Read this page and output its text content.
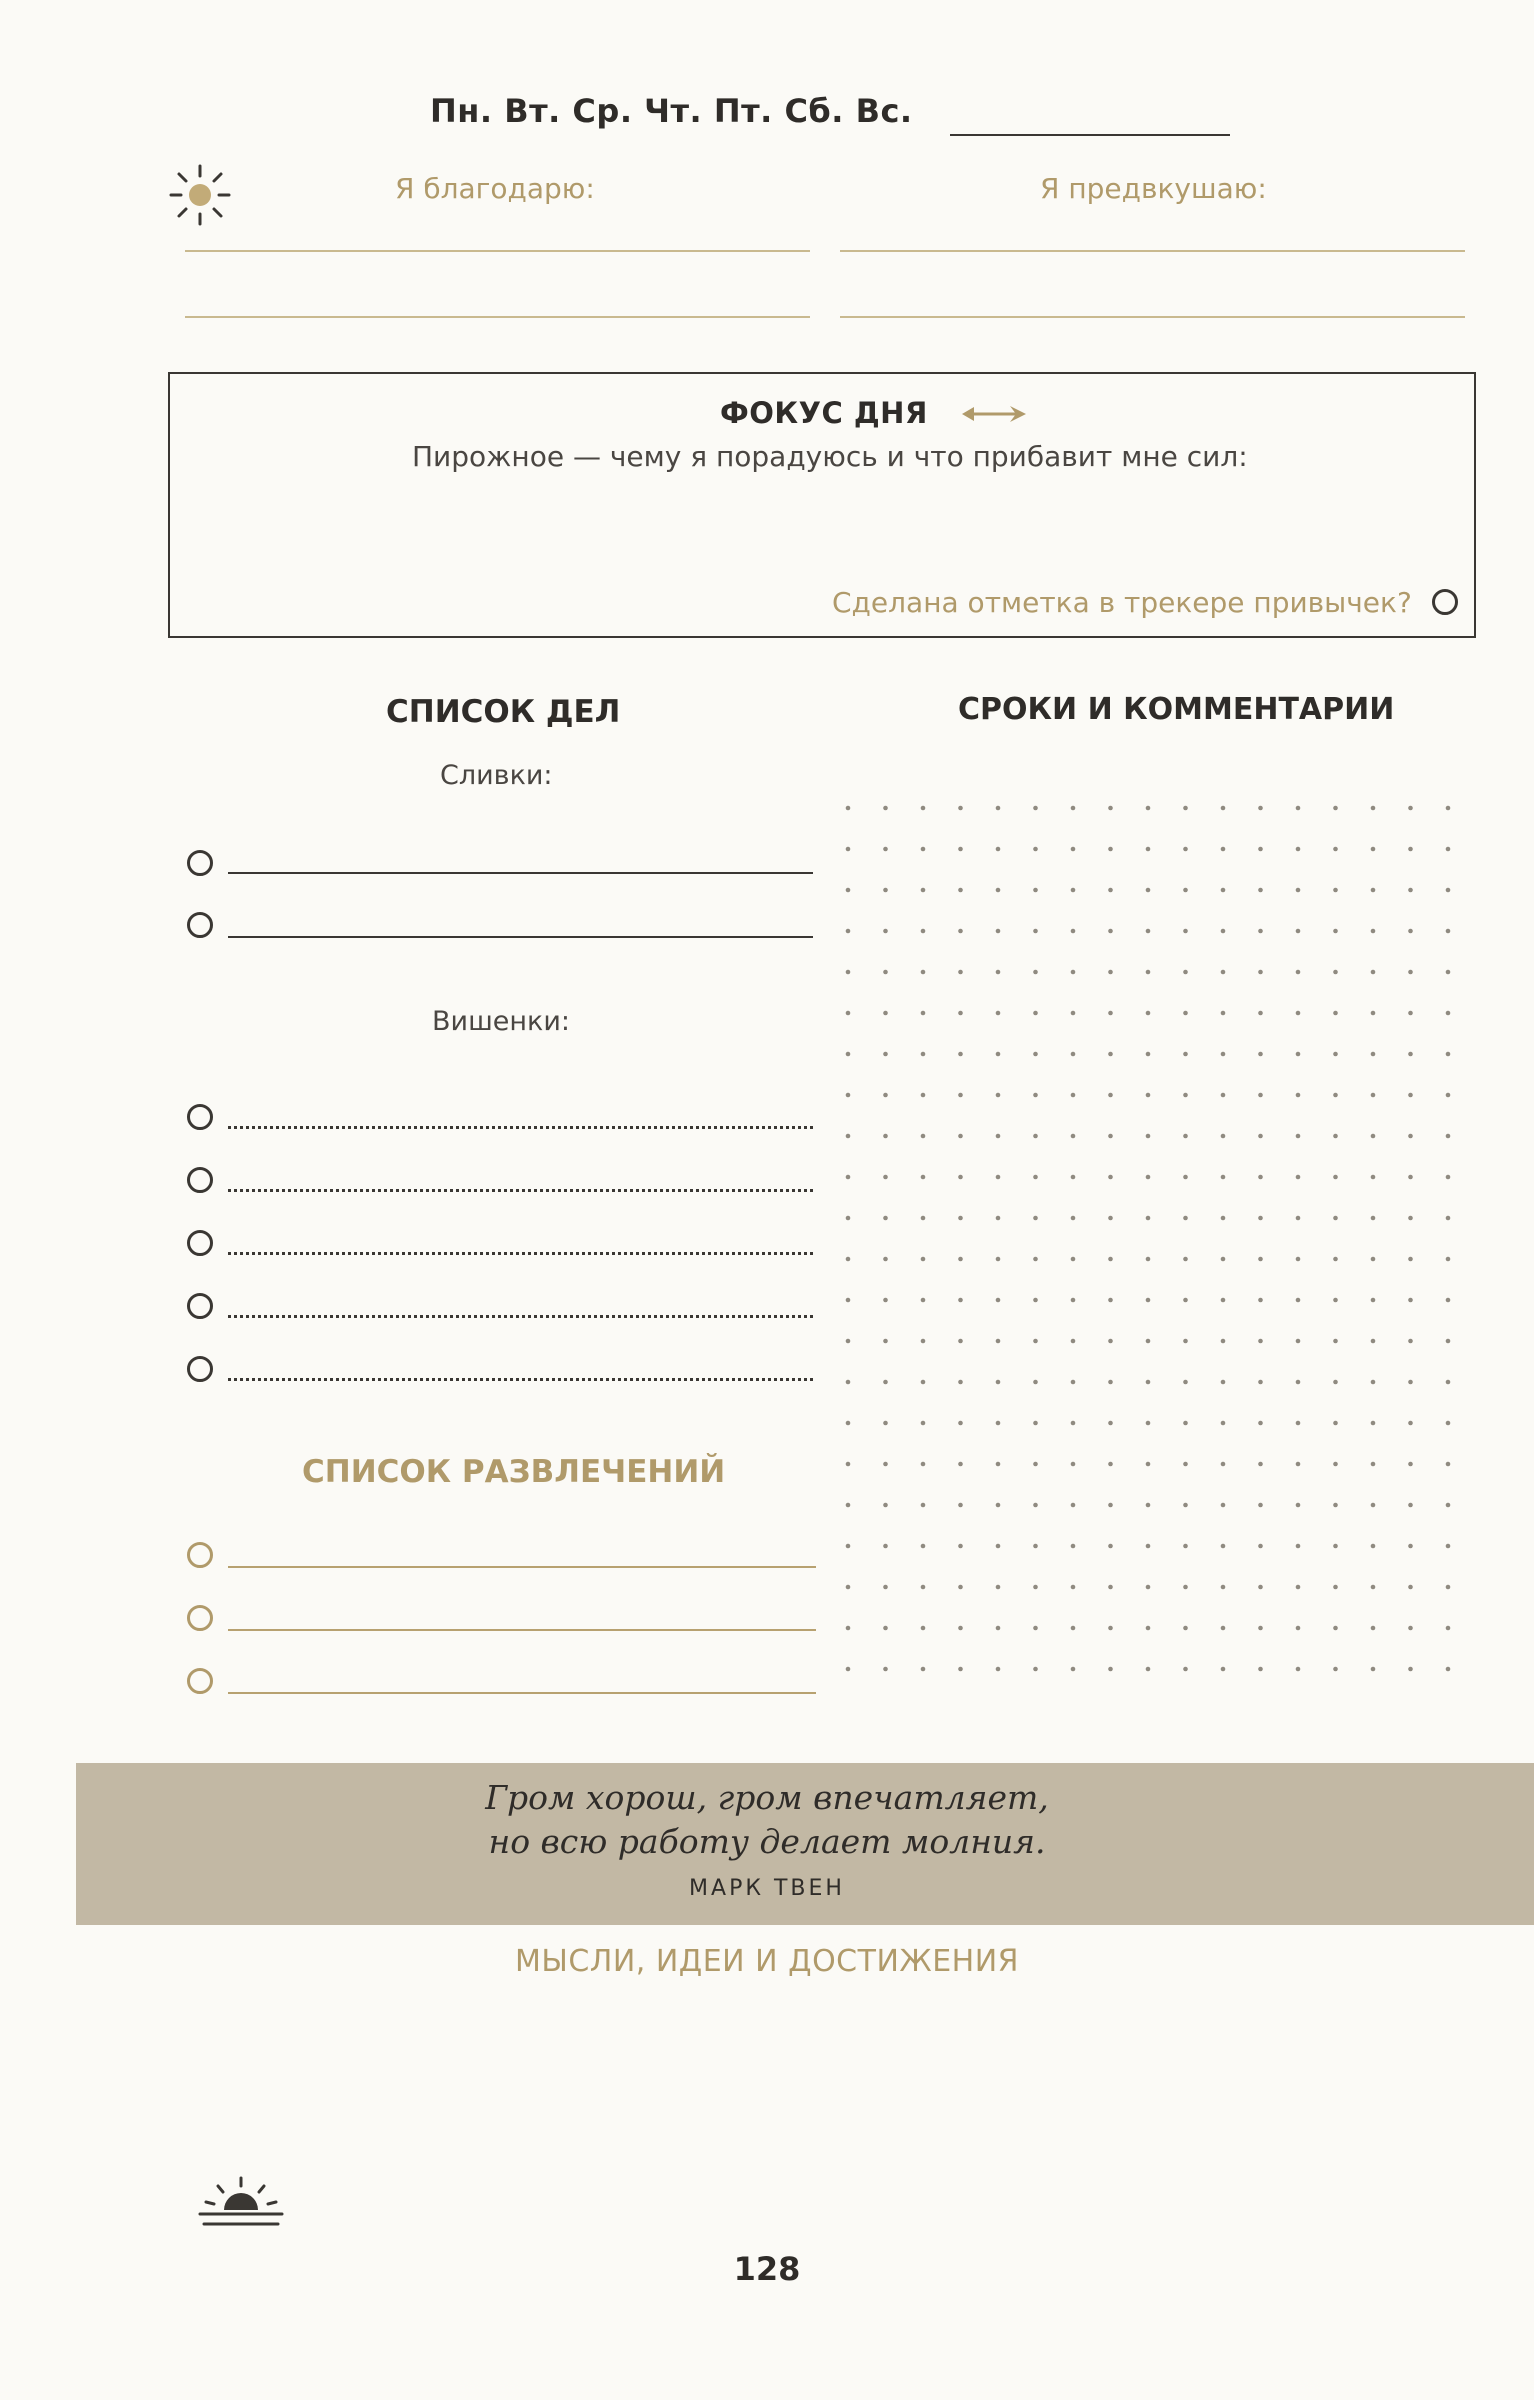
Пн. Вт. Ср. Чт. Пт. Сб. Вс.
Я благодарю:	Я предвкушаю:
ФОКУС ДНЯ
Пирожное — чему я порадуюсь и что прибавит мне сил:
Сделана отметка в трекере привычек?
СПИСОК ДЕЛ	СРОКИ И КОММЕНТАРИИ
Сливки:
Вишенки:
СПИСОК РАЗВЛЕЧЕНИЙ
Гром хорош, гром впечатляет,
но всю работу делает молния.
МАРК ТВЕН
МЫСЛИ, ИДЕИ И ДОСТИЖЕНИЯ
128
